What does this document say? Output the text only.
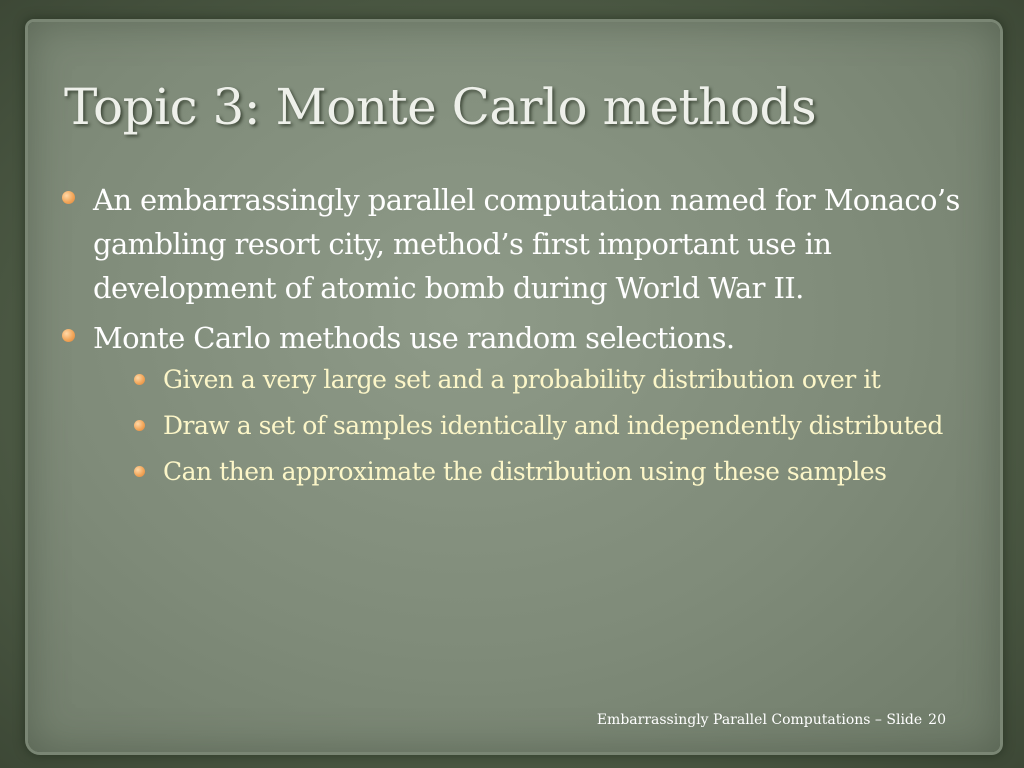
Topic 3: Monte Carlo methods
An embarrassingly parallel computation named for Monaco’s gambling resort city, method’s first important use in development of atomic bomb during World War II.
Monte Carlo methods use random selections.
Given a very large set and a probability distribution over it
Draw a set of samples identically and independently distributed
Can then approximate the distribution using these samples
Embarrassingly Parallel Computations – Slide 20
